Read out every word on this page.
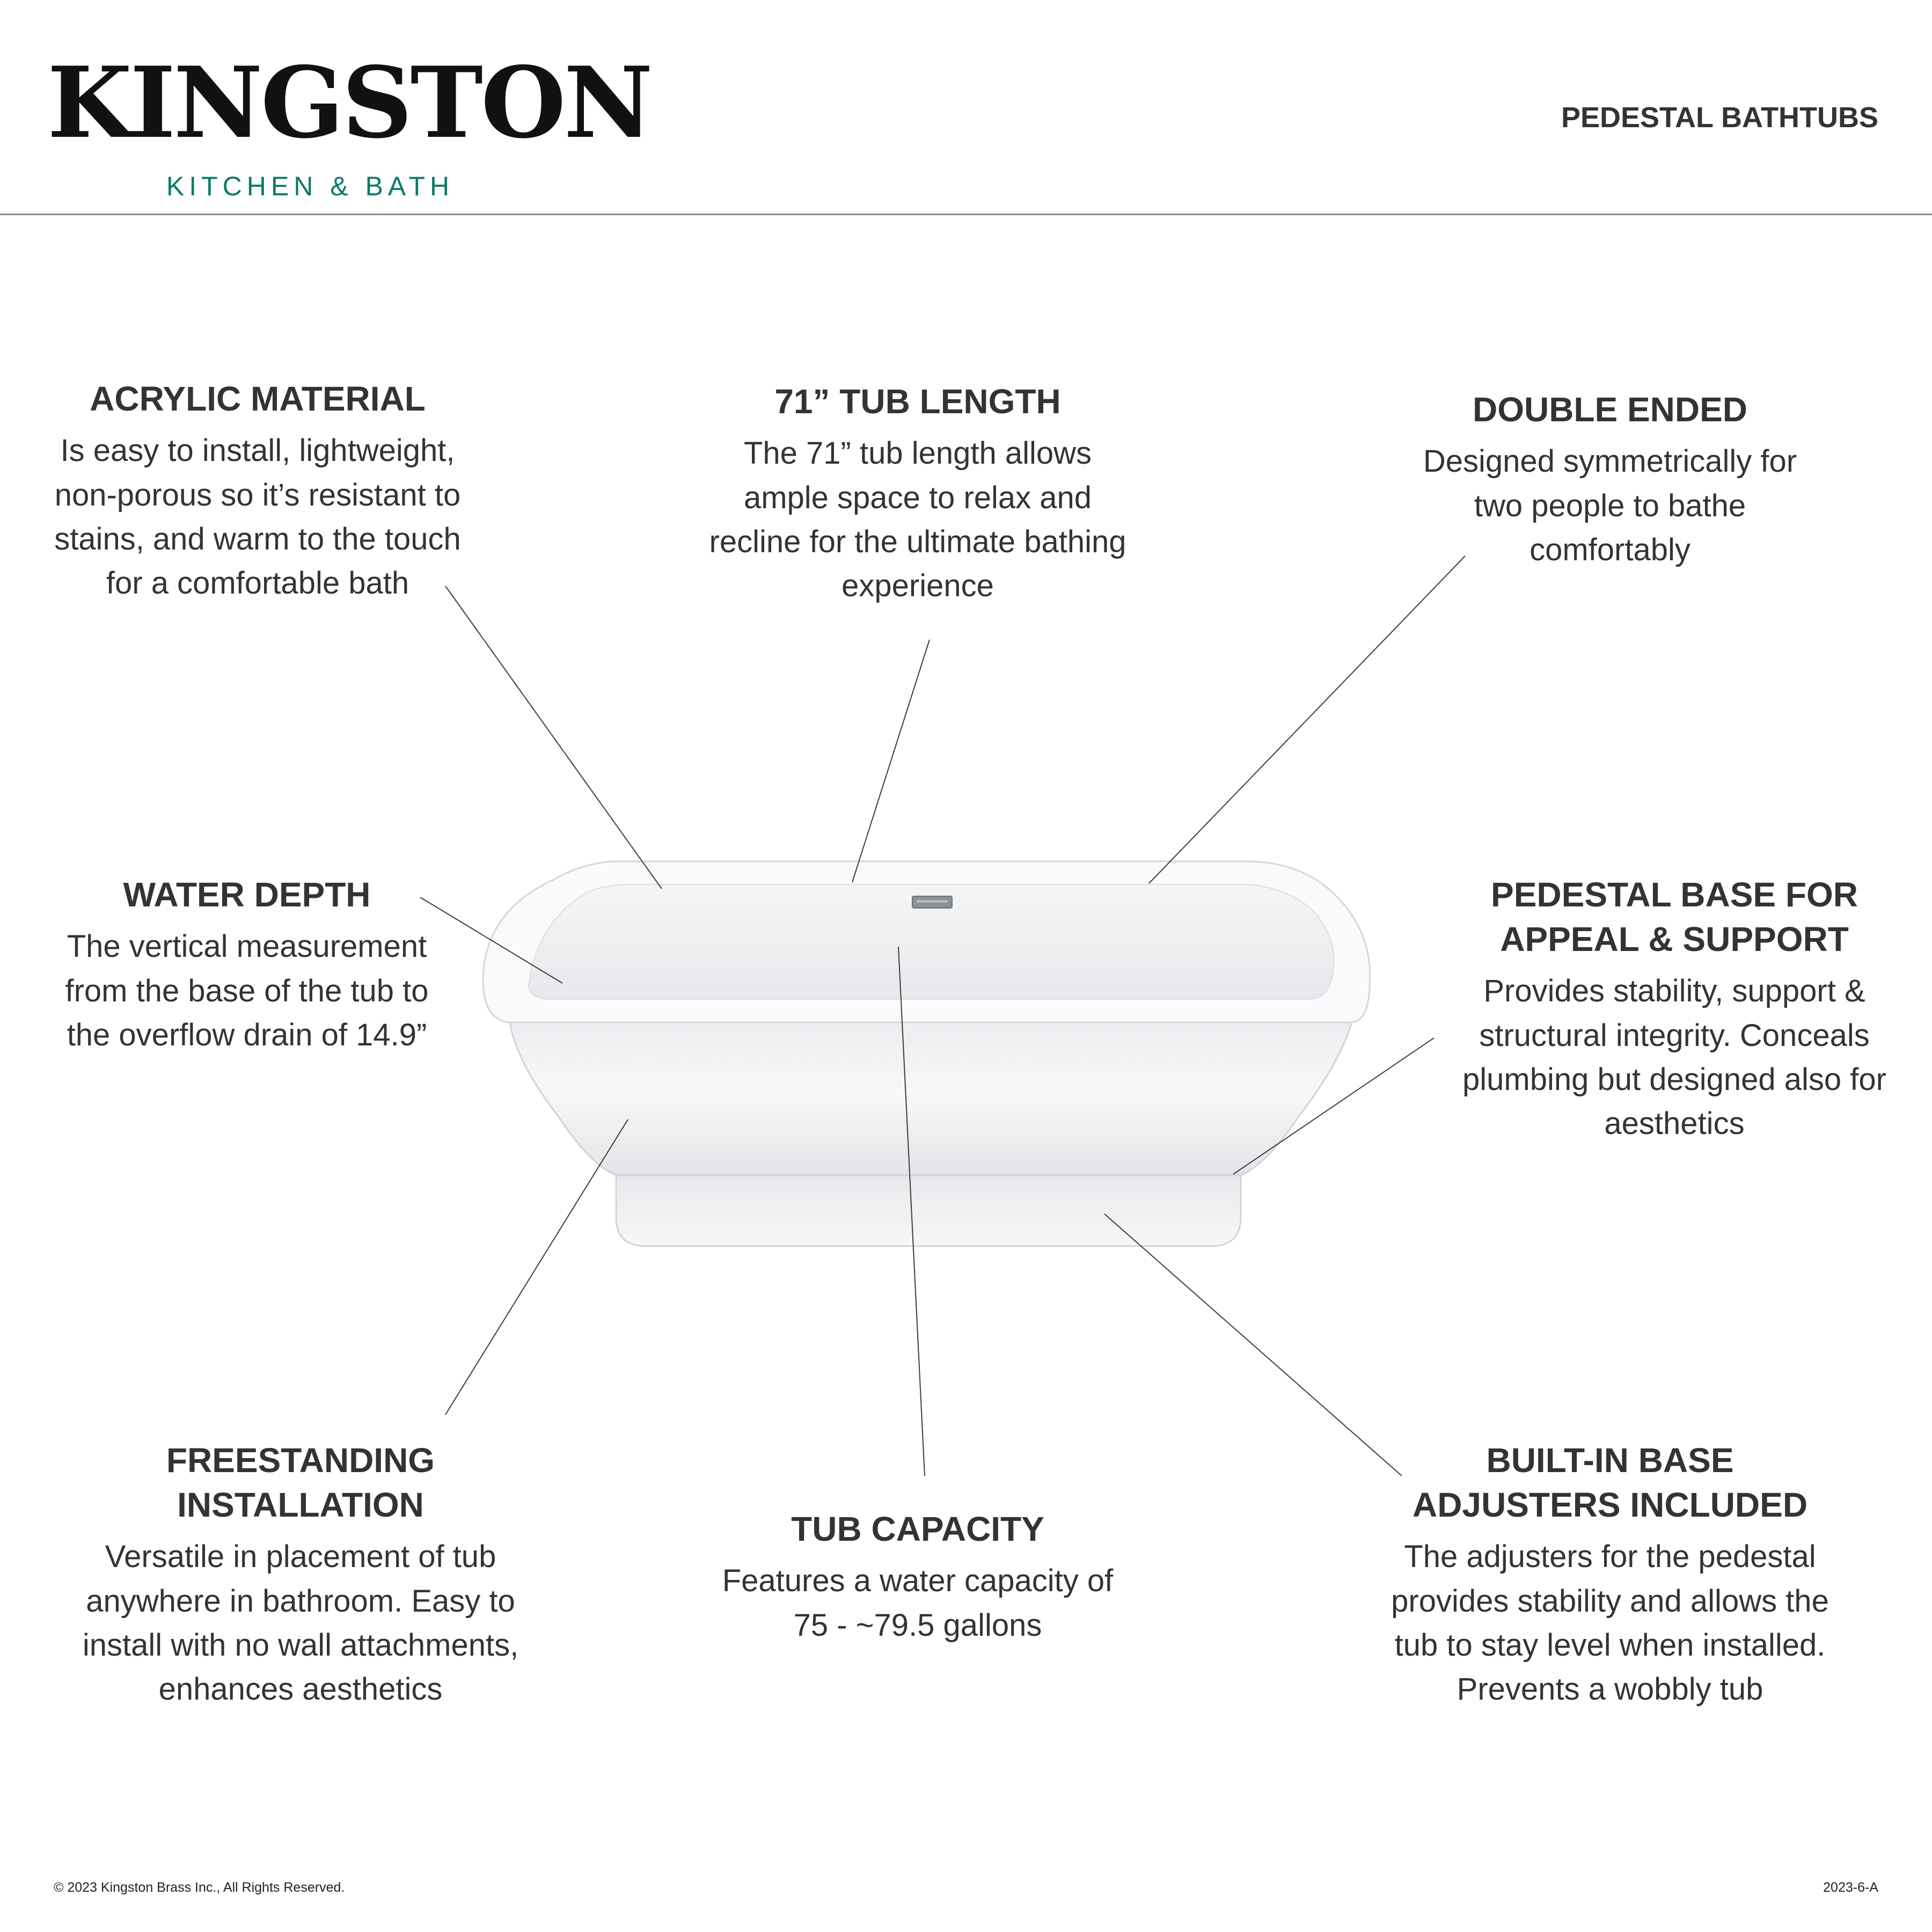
KINGSTON
KITCHEN & BATH
PEDESTAL BATHTUBS
ACRYLIC MATERIAL

Is easy to install, lightweight, non-porous so it’s resistant to stains, and warm to the touch for a comfortable bath

71” TUB LENGTH

The 71” tub length allows ample space to relax and recline for the ultimate bathing experience

DOUBLE ENDED

Designed symmetrically for two people to bathe comfortably

WATER DEPTH

The vertical measurement from the base of the tub to the overflow drain of 14.9”

PEDESTAL BASE FOR APPEAL & SUPPORT

Provides stability, support & structural integrity. Conceals plumbing but designed also for aesthetics

FREESTANDING INSTALLATION

Versatile in placement of tub anywhere in bathroom. Easy to install with no wall attachments, enhances aesthetics

TUB CAPACITY

Features a water capacity of 75 - ~79.5 gallons

BUILT-IN BASE ADJUSTERS INCLUDED

The adjusters for the pedestal provides stability and allows the tub to stay level when installed. Prevents a wobbly tub

© 2023 Kingston Brass Inc., All Rights Reserved.	2023-6-A
